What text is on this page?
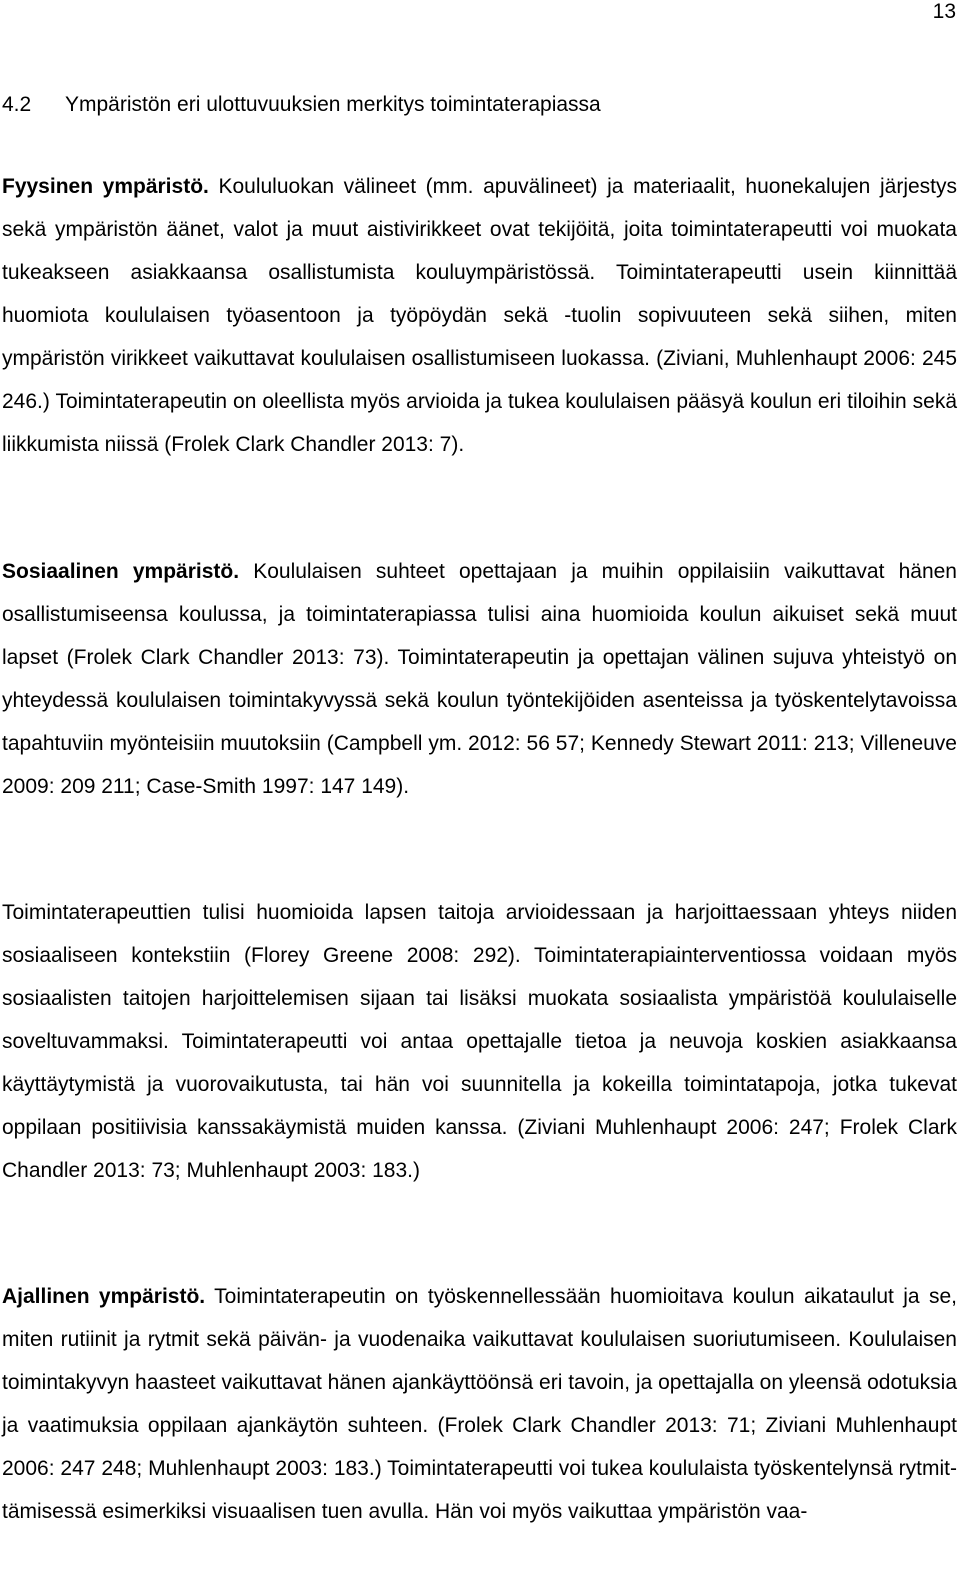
13
4.2 Ympäristön eri ulottuvuuksien merkitys toimintaterapiassa
Fyysinen ympäristö. Koululuokan välineet (mm. apuvälineet) ja materiaalit, huonekalujen järjestys sekä ympäristön äänet, valot ja muut aistivirikkeet ovat tekijöitä, joita toimintaterapeutti voi muokata tukeakseen asiakkaansa osallistumista kouluympäristössä. Toimintaterapeutti usein kiinnittää huomiota koululaisen työasentoon ja työpöydän sekä -tuolin sopivuuteen sekä siihen, miten ympäristön virikkeet vaikuttavat koululaisen osallistumiseen luokassa. (Ziviani, Muhlenhaupt 2006: 245 246.) Toimintaterapeutin on oleellista myös arvioida ja tukea koululaisen pääsyä koulun eri tiloihin sekä liikkumista niissä (Frolek Clark Chandler 2013: 7).
Sosiaalinen ympäristö. Koululaisen suhteet opettajaan ja muihin oppilaisiin vaikuttavat hänen osallistumiseensa koulussa, ja toimintaterapiassa tulisi aina huomioida koulun aikuiset sekä muut lapset (Frolek Clark Chandler 2013: 73). Toimintaterapeutin ja opettajan välinen sujuva yhteistyö on yhteydessä koululaisen toimintakyvyssä sekä koulun työntekijöiden asenteissa ja työskentelytavoissa tapahtuviin myönteisiin muutoksiin (Campbell ym. 2012: 56 57; Kennedy Stewart 2011: 213; Villeneuve 2009: 209 211; Case-Smith 1997: 147 149).
Toimintaterapeuttien tulisi huomioida lapsen taitoja arvioidessaan ja harjoittaessaan yhteys niiden sosiaaliseen kontekstiin (Florey Greene 2008: 292). Toimintaterapiainterventiossa voidaan myös sosiaalisten taitojen harjoittelemisen sijaan tai lisäksi muokata sosiaalista ympäristöä koululaiselle soveltuvammaksi. Toimintaterapeutti voi antaa opettajalle tietoa ja neuvoja koskien asiakkaansa käyttäytymistä ja vuorovaikutusta, tai hän voi suunnitella ja kokeilla toimintatapoja, jotka tukevat oppilaan positiivisia kanssakäymistä muiden kanssa. (Ziviani Muhlenhaupt 2006: 247; Frolek Clark Chandler 2013: 73; Muhlenhaupt 2003: 183.)
Ajallinen ympäristö. Toimintaterapeutin on työskennellessään huomioitava koulun aikataulut ja se, miten rutiinit ja rytmit sekä päivän- ja vuodenaika vaikuttavat koululaisen suoriutumiseen. Koululaisen toimintakyvyn haasteet vaikuttavat hänen ajankäyttöönsä eri tavoin, ja opettajalla on yleensä odotuksia ja vaatimuksia oppilaan ajankäytön suhteen. (Frolek Clark Chandler 2013: 71; Ziviani Muhlenhaupt 2006: 247 248; Muhlenhaupt 2003: 183.) Toimintaterapeutti voi tukea koululaista työskentelynsä rytmittämisessä esimerkiksi visuaalisen tuen avulla. Hän voi myös vaikuttaa ympäristön vaa-
